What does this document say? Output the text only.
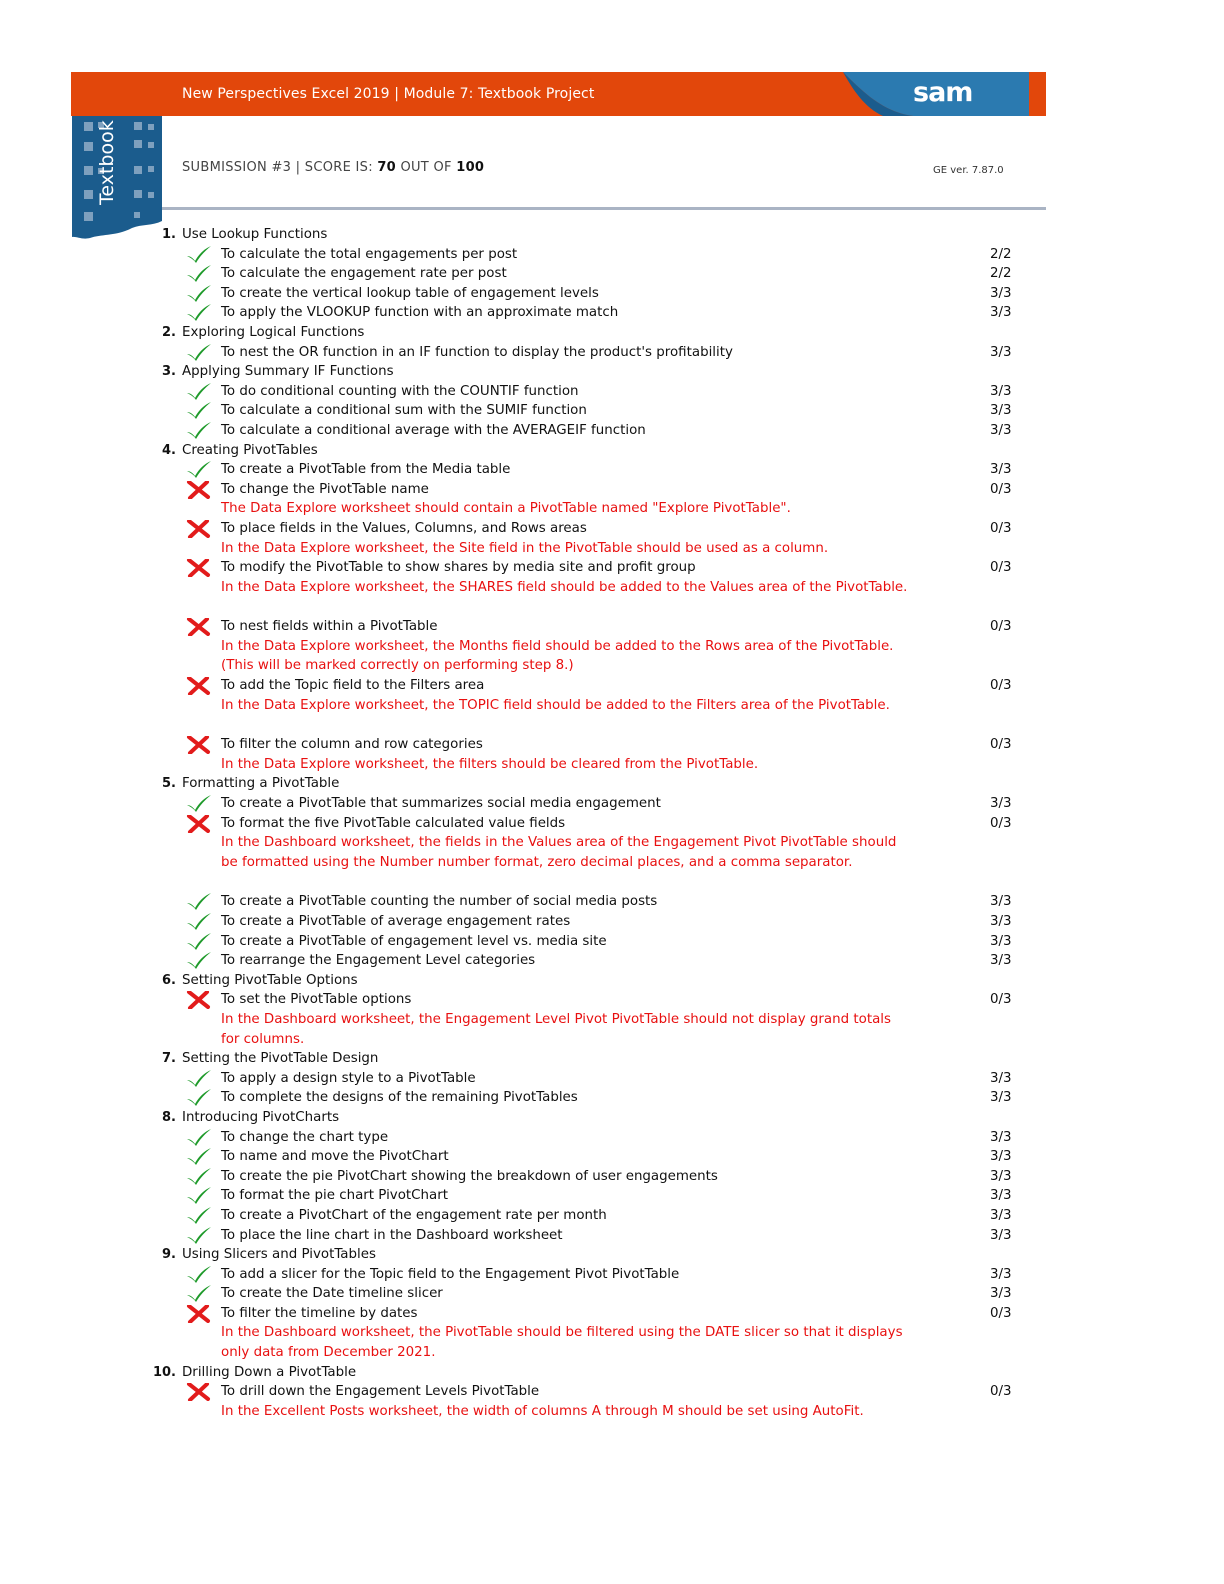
New Perspectives Excel 2019 | Module 7: Textbook Project	sam
Textbook	SUBMISSION #3 | SCORE IS: 70 OUT OF 100	GE ver. 7.87.0
1. Use Lookup Functions
To calculate the total engagements per post	2/2
To calculate the engagement rate per post	2/2
To create the vertical lookup table of engagement levels	3/3
To apply the VLOOKUP function with an approximate match	3/3
2. Exploring Logical Functions
To nest the OR function in an IF function to display the product's profitability	3/3
3. Applying Summary IF Functions
To do conditional counting with the COUNTIF function	3/3
To calculate a conditional sum with the SUMIF function	3/3
To calculate a conditional average with the AVERAGEIF function	3/3
4. Creating PivotTables
To create a PivotTable from the Media table	3/3
To change the PivotTable name	0/3
The Data Explore worksheet should contain a PivotTable named "Explore PivotTable".
To place fields in the Values, Columns, and Rows areas	0/3
In the Data Explore worksheet, the Site field in the PivotTable should be used as a column.
To modify the PivotTable to show shares by media site and profit group	0/3
In the Data Explore worksheet, the SHARES field should be added to the Values area of the PivotTable.
To nest fields within a PivotTable	0/3
In the Data Explore worksheet, the Months field should be added to the Rows area of the PivotTable.
(This will be marked correctly on performing step 8.)
To add the Topic field to the Filters area	0/3
In the Data Explore worksheet, the TOPIC field should be added to the Filters area of the PivotTable.
To filter the column and row categories	0/3
In the Data Explore worksheet, the filters should be cleared from the PivotTable.
5. Formatting a PivotTable
To create a PivotTable that summarizes social media engagement	3/3
To format the five PivotTable calculated value fields	0/3
In the Dashboard worksheet, the fields in the Values area of the Engagement Pivot PivotTable should
be formatted using the Number number format, zero decimal places, and a comma separator.
To create a PivotTable counting the number of social media posts	3/3
To create a PivotTable of average engagement rates	3/3
To create a PivotTable of engagement level vs. media site	3/3
To rearrange the Engagement Level categories	3/3
6. Setting PivotTable Options
To set the PivotTable options	0/3
In the Dashboard worksheet, the Engagement Level Pivot PivotTable should not display grand totals
for columns.
7. Setting the PivotTable Design
To apply a design style to a PivotTable	3/3
To complete the designs of the remaining PivotTables	3/3
8. Introducing PivotCharts
To change the chart type	3/3
To name and move the PivotChart	3/3
To create the pie PivotChart showing the breakdown of user engagements	3/3
To format the pie chart PivotChart	3/3
To create a PivotChart of the engagement rate per month	3/3
To place the line chart in the Dashboard worksheet	3/3
9. Using Slicers and PivotTables
To add a slicer for the Topic field to the Engagement Pivot PivotTable	3/3
To create the Date timeline slicer	3/3
To filter the timeline by dates	0/3
In the Dashboard worksheet, the PivotTable should be filtered using the DATE slicer so that it displays
only data from December 2021.
10. Drilling Down a PivotTable
To drill down the Engagement Levels PivotTable	0/3
In the Excellent Posts worksheet, the width of columns A through M should be set using AutoFit.
